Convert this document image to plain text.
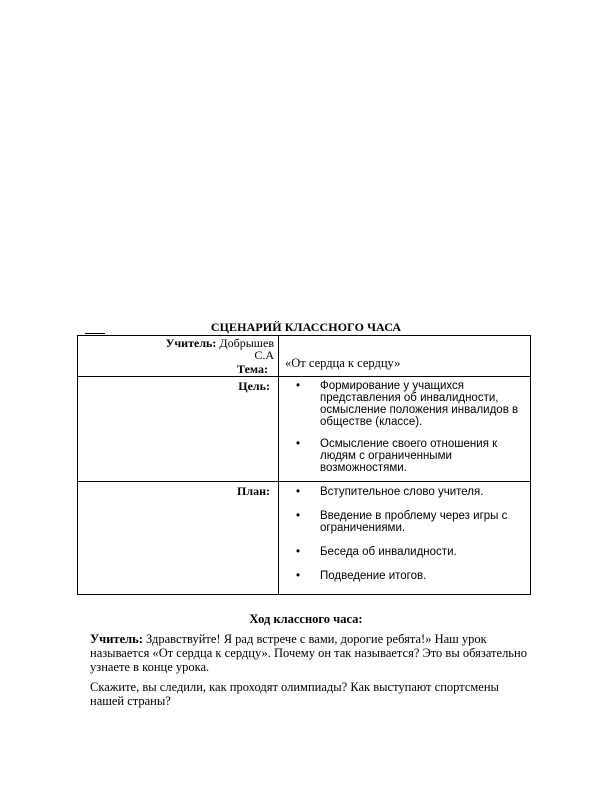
СЦЕНАРИЙ КЛАССНОГО ЧАСА
Учитель: Добрышев
С.А
Тема: «От сердца к сердцу»
Цель: • Формирование у учащихся представления об инвалидности, осмысление положения инвалидов в обществе (классе).
• Осмысление своего отношения к людям с ограниченными возможностями.
План: • Вступительное слово учителя.
• Введение в проблему через игры с ограничениями.
• Беседа об инвалидности.
• Подведение итогов.
Ход классного часа:
Учитель: Здравствуйте! Я рад встрече с вами, дорогие ребята!» Наш урок называется «От сердца к сердцу». Почему он так называется? Это вы обязательно узнаете в конце урока.
Скажите, вы следили, как проходят олимпиады? Как выступают спортсмены нашей страны?
